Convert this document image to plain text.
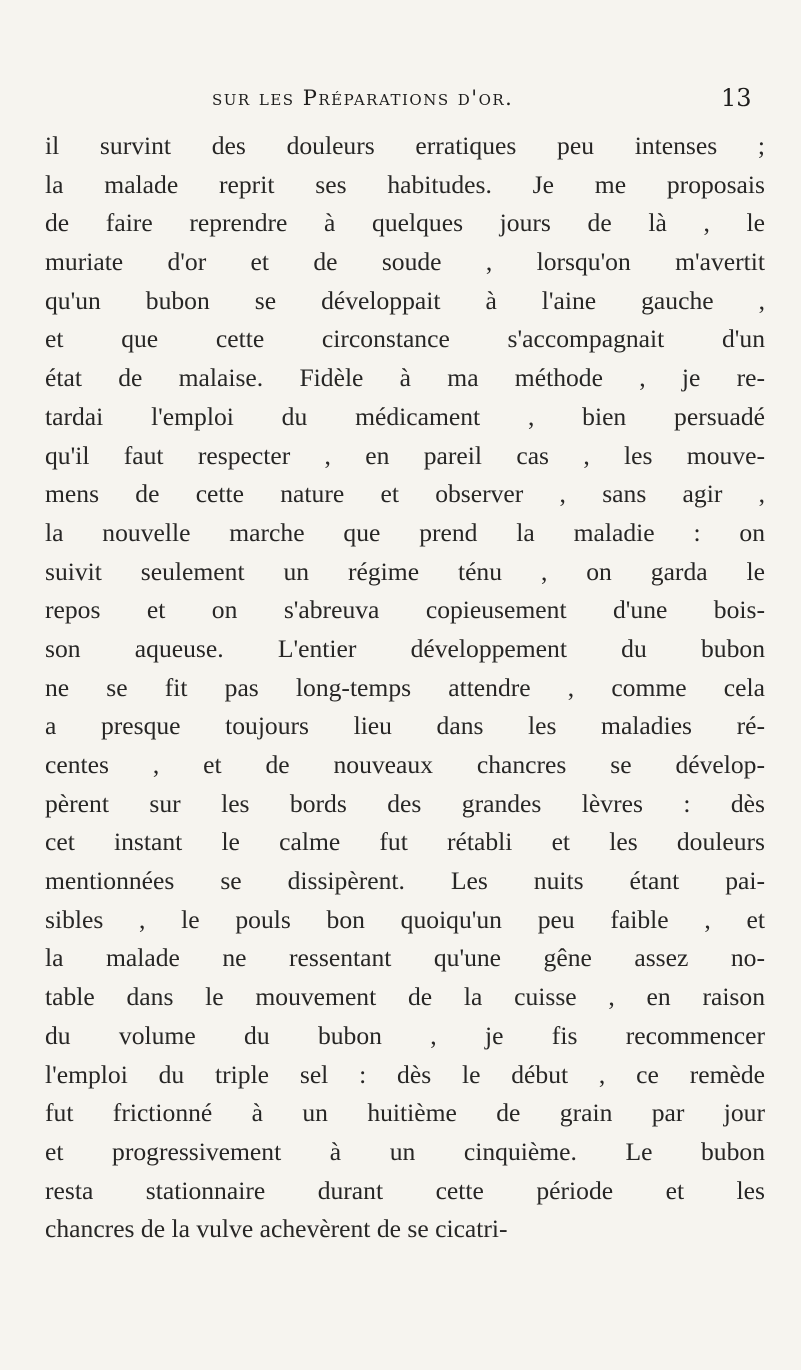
sur les Préparations d'or.	13
il survint des douleurs erratiques peu intenses ;
la malade reprit ses habitudes. Je me proposais
de faire reprendre à quelques jours de là , le
muriate d'or et de soude , lorsqu'on m'avertit
qu'un bubon se développait à l'aine gauche ,
et que cette circonstance s'accompagnait d'un
état de malaise. Fidèle à ma méthode , je re-
tardai l'emploi du médicament , bien persuadé
qu'il faut respecter , en pareil cas , les mouve-
mens de cette nature et observer , sans agir ,
la nouvelle marche que prend la maladie : on
suivit seulement un régime ténu , on garda le
repos et on s'abreuva copieusement d'une bois-
son aqueuse. L'entier développement du bubon
ne se fit pas long-temps attendre , comme cela
a presque toujours lieu dans les maladies ré-
centes , et de nouveaux chancres se dévelop-
pèrent sur les bords des grandes lèvres : dès
cet instant le calme fut rétabli et les douleurs
mentionnées se dissipèrent. Les nuits étant pai-
sibles , le pouls bon quoiqu'un peu faible , et
la malade ne ressentant qu'une gêne assez no-
table dans le mouvement de la cuisse , en raison
du volume du bubon , je fis recommencer
l'emploi du triple sel : dès le début , ce remède
fut frictionné à un huitième de grain par jour
et progressivement à un cinquième. Le bubon
resta stationnaire durant cette période et les
chancres de la vulve achevèrent de se cicatri-
